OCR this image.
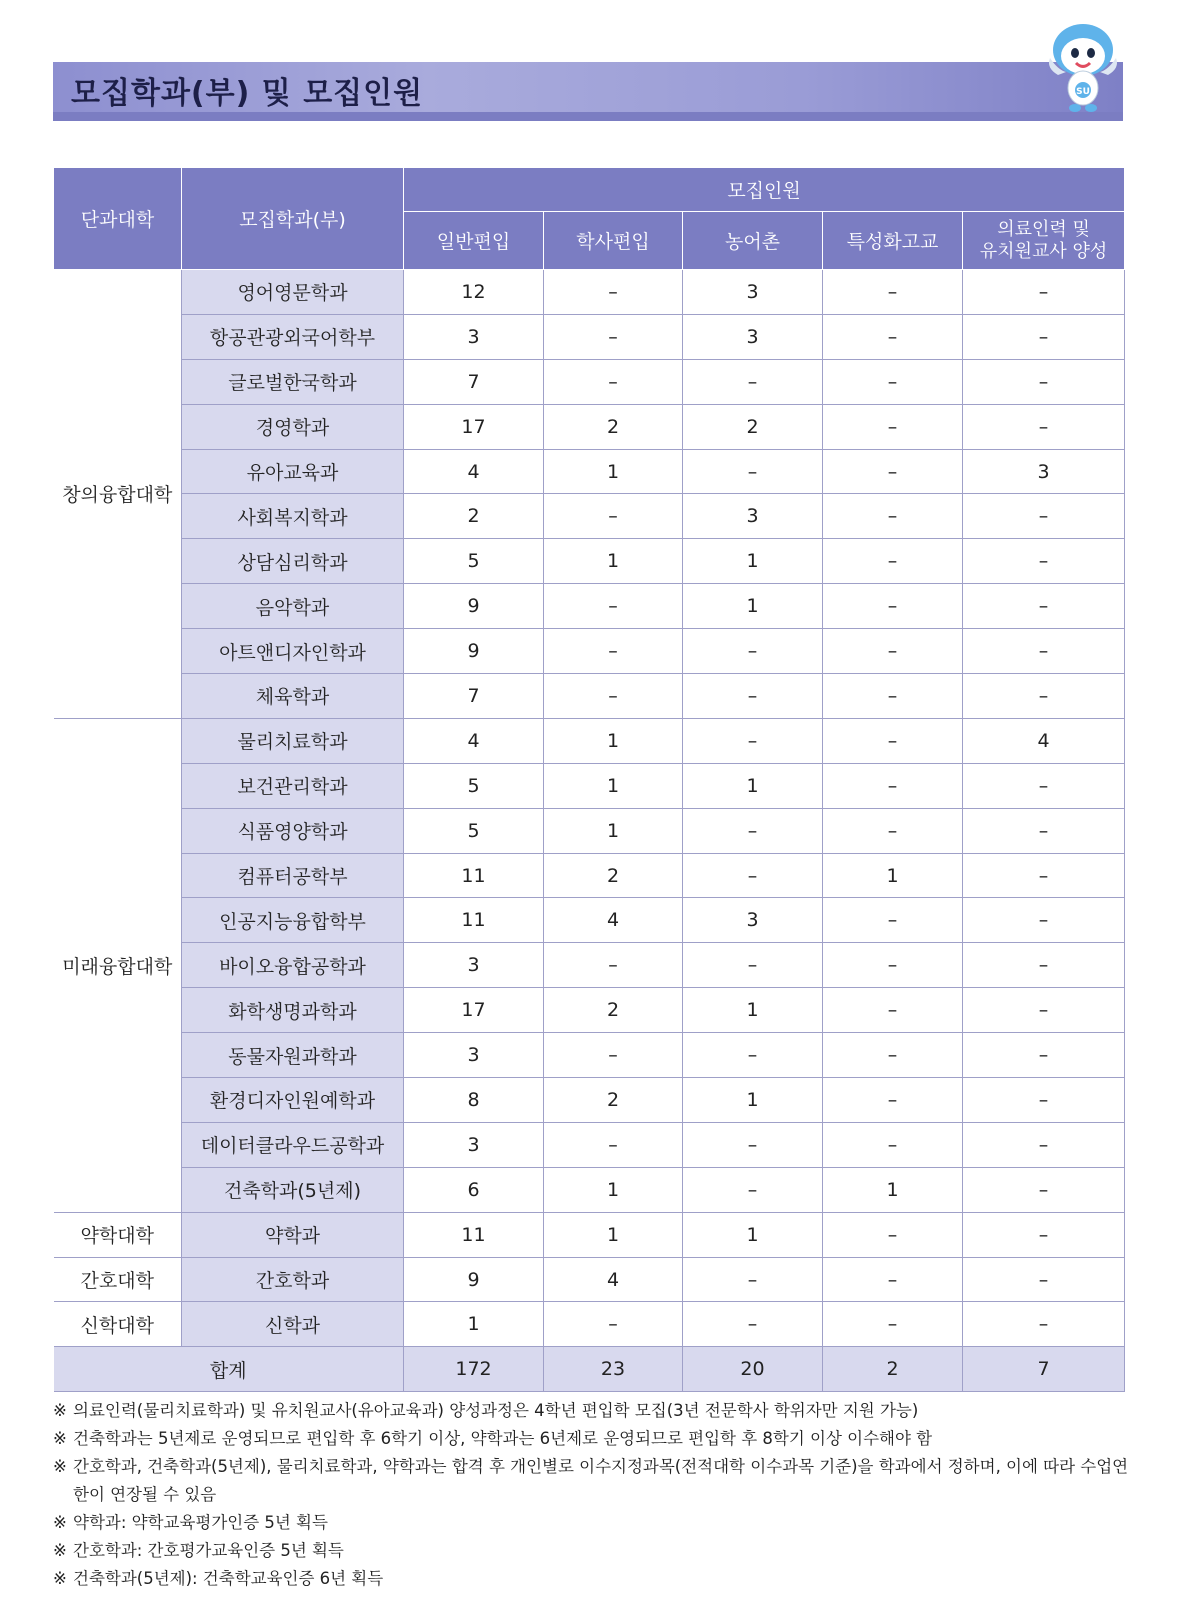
모집학과(부) 및 모집인원	SU
단과대학	모집학과(부)	모집인원				
		일반편입	학사편입	농어촌	특성화고교	의료인력 및
유치원교사 양성
창의융합대학	영어영문학과	12	–	3	–	–
	항공관광외국어학부	3	–	3	–	–
	글로벌한국학과	7	–	–	–	–
	경영학과	17	2	2	–	–
	유아교육과	4	1	–	–	3
	사회복지학과	2	–	3	–	–
	상담심리학과	5	1	1	–	–
	음악학과	9	–	1	–	–
	아트앤디자인학과	9	–	–	–	–
	체육학과	7	–	–	–	–
미래융합대학	물리치료학과	4	1	–	–	4
	보건관리학과	5	1	1	–	–
	식품영양학과	5	1	–	–	–
	컴퓨터공학부	11	2	–	1	–
	인공지능융합학부	11	4	3	–	–
	바이오융합공학과	3	–	–	–	–
	화학생명과학과	17	2	1	–	–
	동물자원과학과	3	–	–	–	–
	환경디자인원예학과	8	2	1	–	–
	데이터클라우드공학과	3	–	–	–	–
	건축학과(5년제)	6	1	–	1	–
약학대학	약학과	11	1	1	–	–
간호대학	간호학과	9	4	–	–	–
신학대학	신학과	1	–	–	–	–
합계		172	23	20	2	7
※ 의료인력(물리치료학과) 및 유치원교사(유아교육과) 양성과정은 4학년 편입학 모집(3년 전문학사 학위자만 지원 가능)
※ 건축학과는 5년제로 운영되므로 편입학 후 6학기 이상, 약학과는 6년제로 운영되므로 편입학 후 8학기 이상 이수해야 함
※ 간호학과, 건축학과(5년제), 물리치료학과, 약학과는 합격 후 개인별로 이수지정과목(전적대학 이수과목 기준)을 학과에서 정하며, 이에 따라 수업연한이 연장될 수 있음
※ 약학과: 약학교육평가인증 5년 획득
※ 간호학과: 간호평가교육인증 5년 획득
※ 건축학과(5년제): 건축학교육인증 6년 획득
